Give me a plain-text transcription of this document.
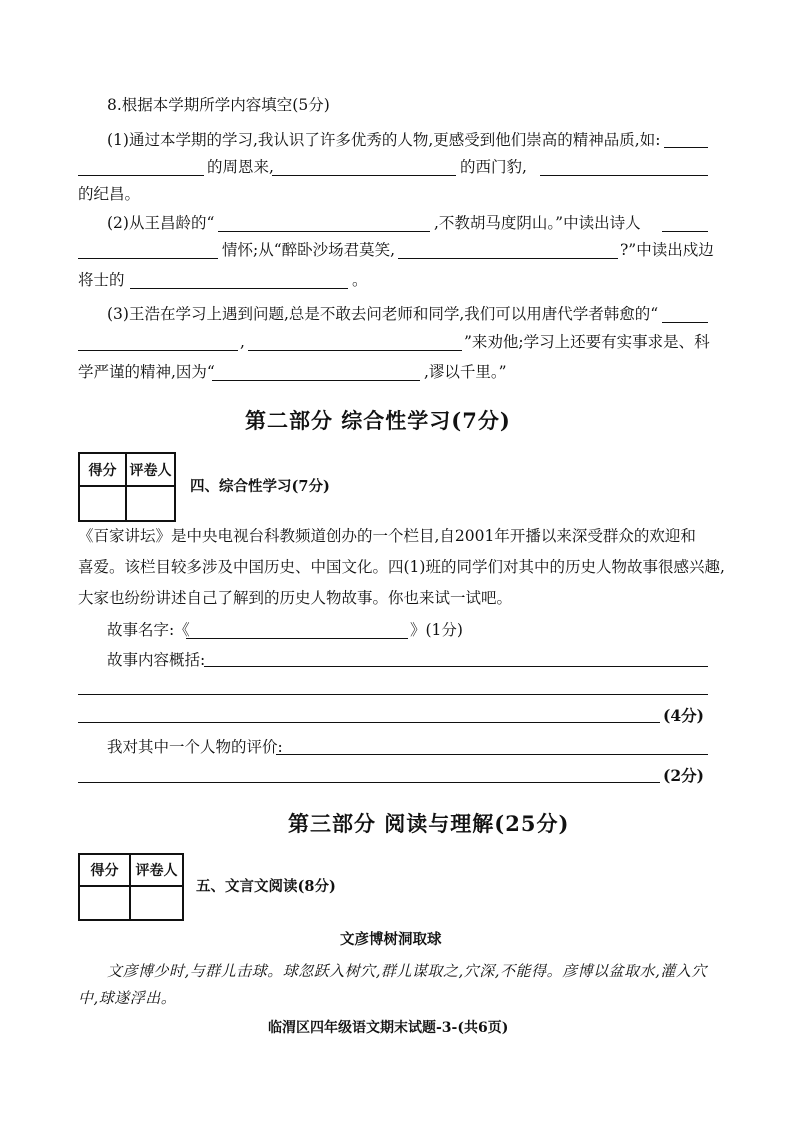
8.根据本学期所学内容填空(5分)
(1)通过本学期的学习,我认识了许多优秀的人物,更感受到他们崇高的精神品质,如:
的周恩来,	的西门豹,
的纪昌。
(2)从王昌龄的“	,不教胡马度阴山。”中读出诗人
情怀;从“醉卧沙场君莫笑,	?”中读出戍边
将士的	。
(3)王浩在学习上遇到问题,总是不敢去问老师和同学,我们可以用唐代学者韩愈的“
,	”来劝他;学习上还要有实事求是、科
学严谨的精神,因为“	,谬以千里。”
第二部分 综合性学习(7分)
得分 评卷人
四、综合性学习(7分)
《百家讲坛》是中央电视台科教频道创办的一个栏目,自2001年开播以来深受群众的欢迎和
喜爱。该栏目较多涉及中国历史、中国文化。四(1)班的同学们对其中的历史人物故事很感兴趣,
大家也纷纷讲述自己了解到的历史人物故事。你也来试一试吧。
故事名字:《	》(1分)
故事内容概括:
(4分)
我对其中一个人物的评价:
(2分)
第三部分 阅读与理解(25分)
得分	评卷人
五、文言文阅读(8分)
文彦博树洞取球
文彦博少时,与群儿击球。球忽跃入树穴,群儿谋取之,穴深,不能得。彦博以盆取水,灌入穴
中,球遂浮出。
临渭区四年级语文期末试题-3-(共6页)
